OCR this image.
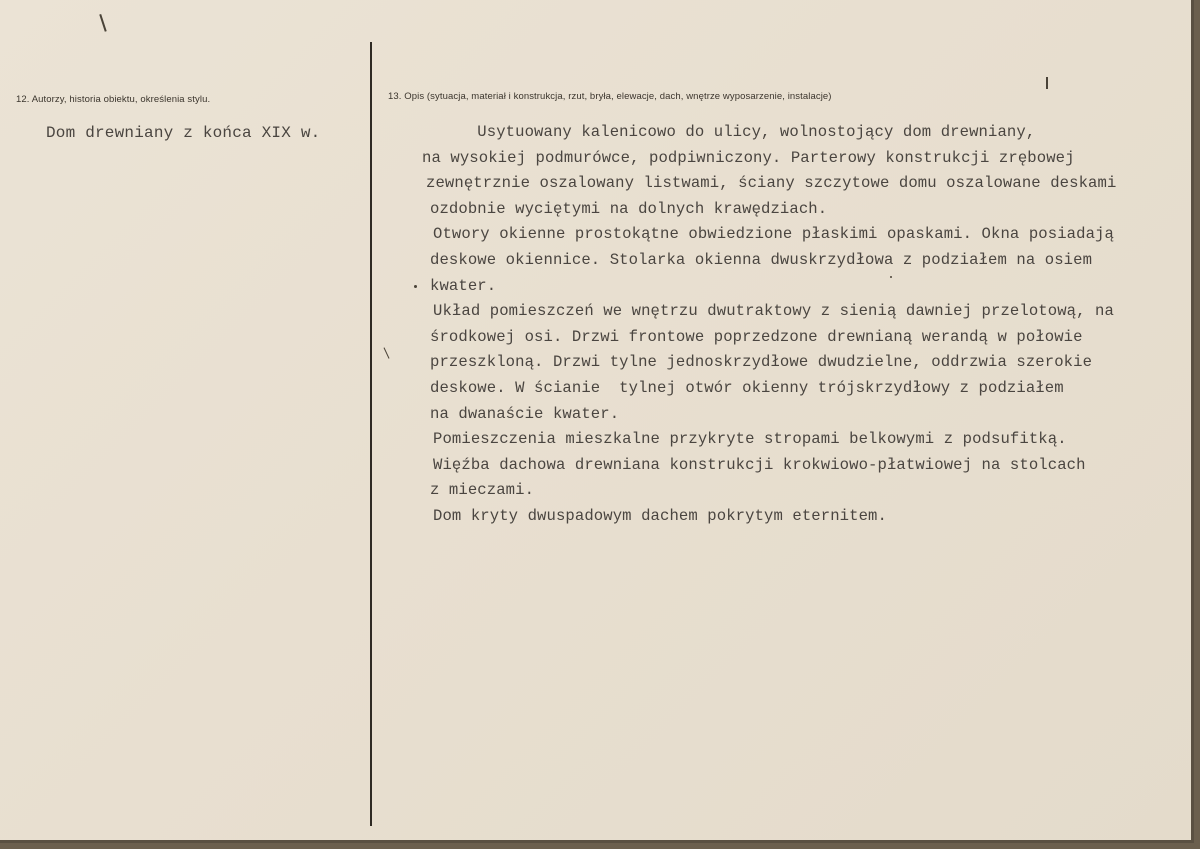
12. Autorzy, historia obiektu, określenia stylu.
Dom drewniany z końca XIX w.
13. Opis (sytuacja, materiał i konstrukcja, rzut, bryła, elewacje, dach, wnętrze wyposarzenie, instalacje)
Usytuowany kalenicowo do ulicy, wolnostojący dom drewniany,
na wysokiej podmurówce, podpiwniczony. Parterowy konstrukcji zrębowej
zewnętrznie oszalowany listwami, ściany szczytowe domu oszalowane deskami
ozdobnie wyciętymi na dolnych krawędziach.
Otwory okienne prostokątne obwiedzione płaskimi opaskami. Okna posiadają
deskowe okiennice. Stolarka okienna dwuskrzydłowa z podziałem na osiem
kwater.
Układ pomieszczeń we wnętrzu dwutraktowy z sienią dawniej przelotową, na
środkowej osi. Drzwi frontowe poprzedzone drewnianą werandą w połowie
przeszkloną. Drzwi tylne jednoskrzydłowe dwudzielne, oddrzwia szerokie
deskowe. W ścianie  tylnej otwór okienny trójskrzydłowy z podziałem
na dwanaście kwater.
Pomieszczenia mieszkalne przykryte stropami belkowymi z podsufitką.
Więźba dachowa drewniana konstrukcji krokwiowo-płatwiowej na stolcach
z mieczami.
Dom kryty dwuspadowym dachem pokrytym eternitem.
